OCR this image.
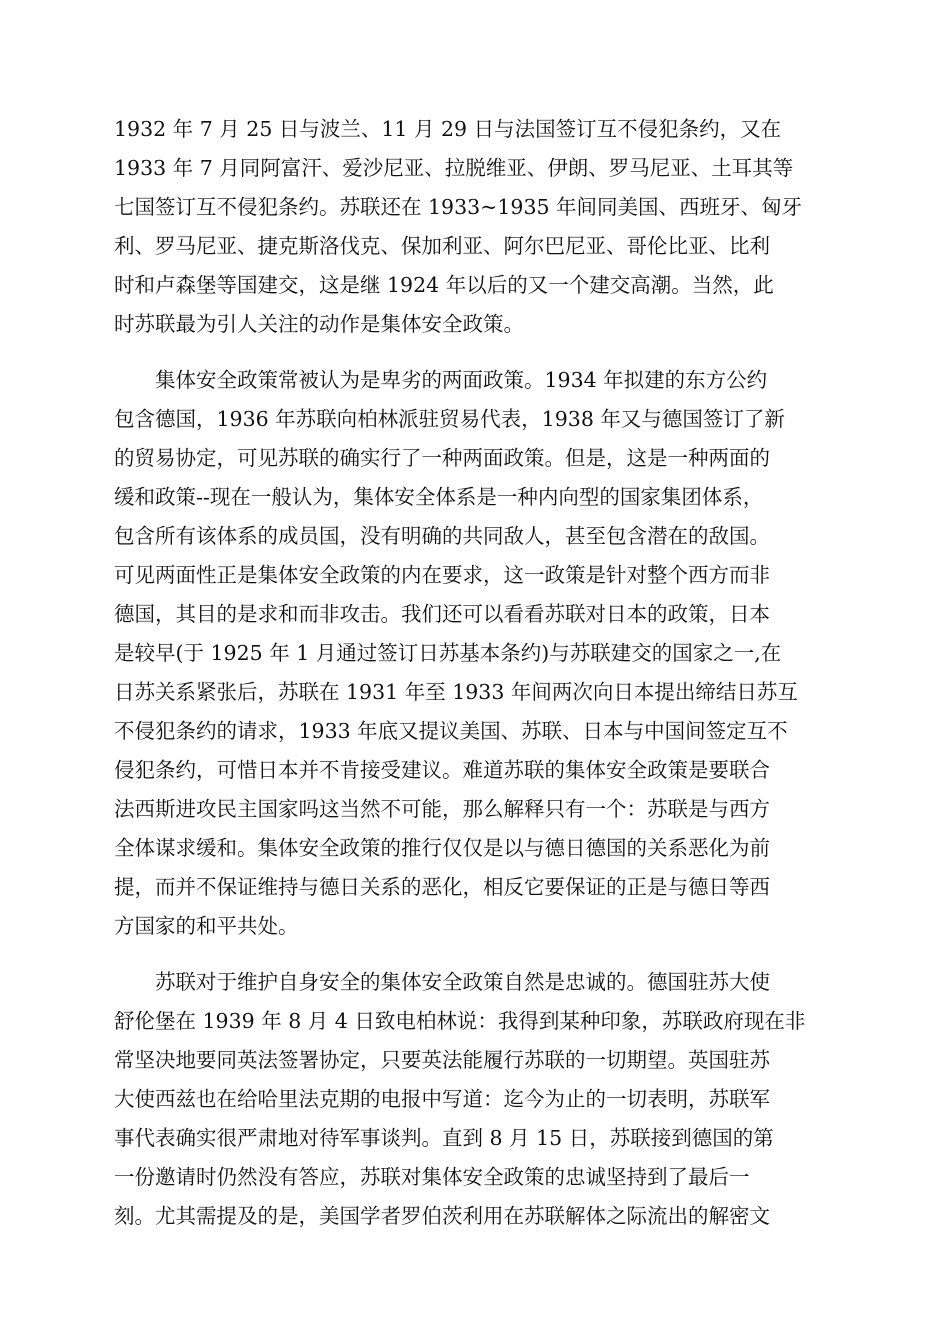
1932 年 7 月 25 日与波兰、11 月 29 日与法国签订互不侵犯条约，又在
1933 年 7 月同阿富汗、爱沙尼亚、拉脱维亚、伊朗、罗马尼亚、土耳其等
七国签订互不侵犯条约。苏联还在 1933~1935 年间同美国、西班牙、匈牙
利、罗马尼亚、捷克斯洛伐克、保加利亚、阿尔巴尼亚、哥伦比亚、比利
时和卢森堡等国建交，这是继 1924 年以后的又一个建交高潮。当然，此
时苏联最为引人关注的动作是集体安全政策。
　　集体安全政策常被认为是卑劣的两面政策。1934 年拟建的东方公约
包含德国，1936 年苏联向柏林派驻贸易代表，1938 年又与德国签订了新
的贸易协定，可见苏联的确实行了一种两面政策。但是，这是一种两面的
缓和政策--现在一般认为，集体安全体系是一种内向型的国家集团体系，
包含所有该体系的成员国，没有明确的共同敌人，甚至包含潜在的敌国。
可见两面性正是集体安全政策的内在要求，这一政策是针对整个西方而非
德国，其目的是求和而非攻击。我们还可以看看苏联对日本的政策，日本
是较早(于 1925 年 1 月通过签订日苏基本条约)与苏联建交的国家之一,在
日苏关系紧张后，苏联在 1931 年至 1933 年间两次向日本提出缔结日苏互
不侵犯条约的请求，1933 年底又提议美国、苏联、日本与中国间签定互不
侵犯条约，可惜日本并不肯接受建议。难道苏联的集体安全政策是要联合
法西斯进攻民主国家吗这当然不可能，那么解释只有一个：苏联是与西方
全体谋求缓和。集体安全政策的推行仅仅是以与德日德国的关系恶化为前
提，而并不保证维持与德日关系的恶化，相反它要保证的正是与德日等西
方国家的和平共处。
　　苏联对于维护自身安全的集体安全政策自然是忠诚的。德国驻苏大使
舒伦堡在 1939 年 8 月 4 日致电柏林说：我得到某种印象，苏联政府现在非
常坚决地要同英法签署协定，只要英法能履行苏联的一切期望。英国驻苏
大使西兹也在给哈里法克期的电报中写道：迄今为止的一切表明，苏联军
事代表确实很严肃地对待军事谈判。直到 8 月 15 日，苏联接到德国的第
一份邀请时仍然没有答应，苏联对集体安全政策的忠诚坚持到了最后一
刻。尤其需提及的是，美国学者罗伯茨利用在苏联解体之际流出的解密文
